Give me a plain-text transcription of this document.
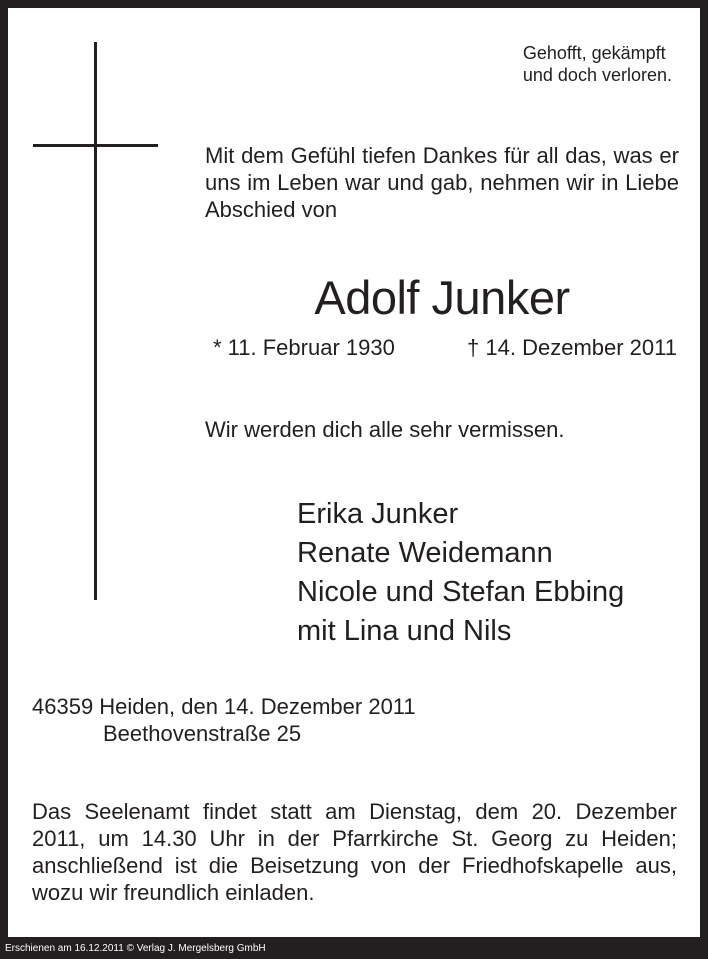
Gehofft, gekämpft
und doch verloren.
Mit dem Gefühl tiefen Dankes für all das, was er uns im Leben war und gab, nehmen wir in Liebe Abschied von
Adolf Junker
* 11. Februar 1930	† 14. Dezember 2011
Wir werden dich alle sehr vermissen.
Erika Junker
Renate Weidemann
Nicole und Stefan Ebbing
mit Lina und Nils
46359 Heiden, den 14. Dezember 2011
Beethovenstraße 25
Das Seelenamt findet statt am Dienstag, dem 20. Dezember 2011, um 14.30 Uhr in der Pfarrkirche St. Georg zu Heiden; anschließend ist die Beisetzung von der Friedhofskapelle aus, wozu wir freundlich einladen.
Erschienen am 16.12.2011 © Verlag J. Mergelsberg GmbH
